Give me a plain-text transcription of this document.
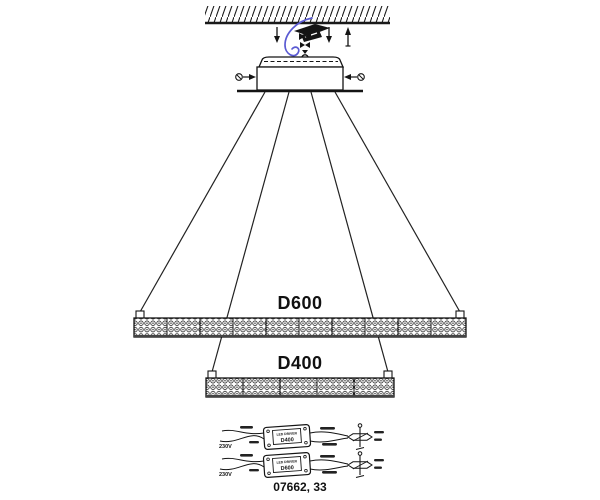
D600
D400
230V
LED DRIVER
D400
230V
LED DRIVER
D600
07662, 33
